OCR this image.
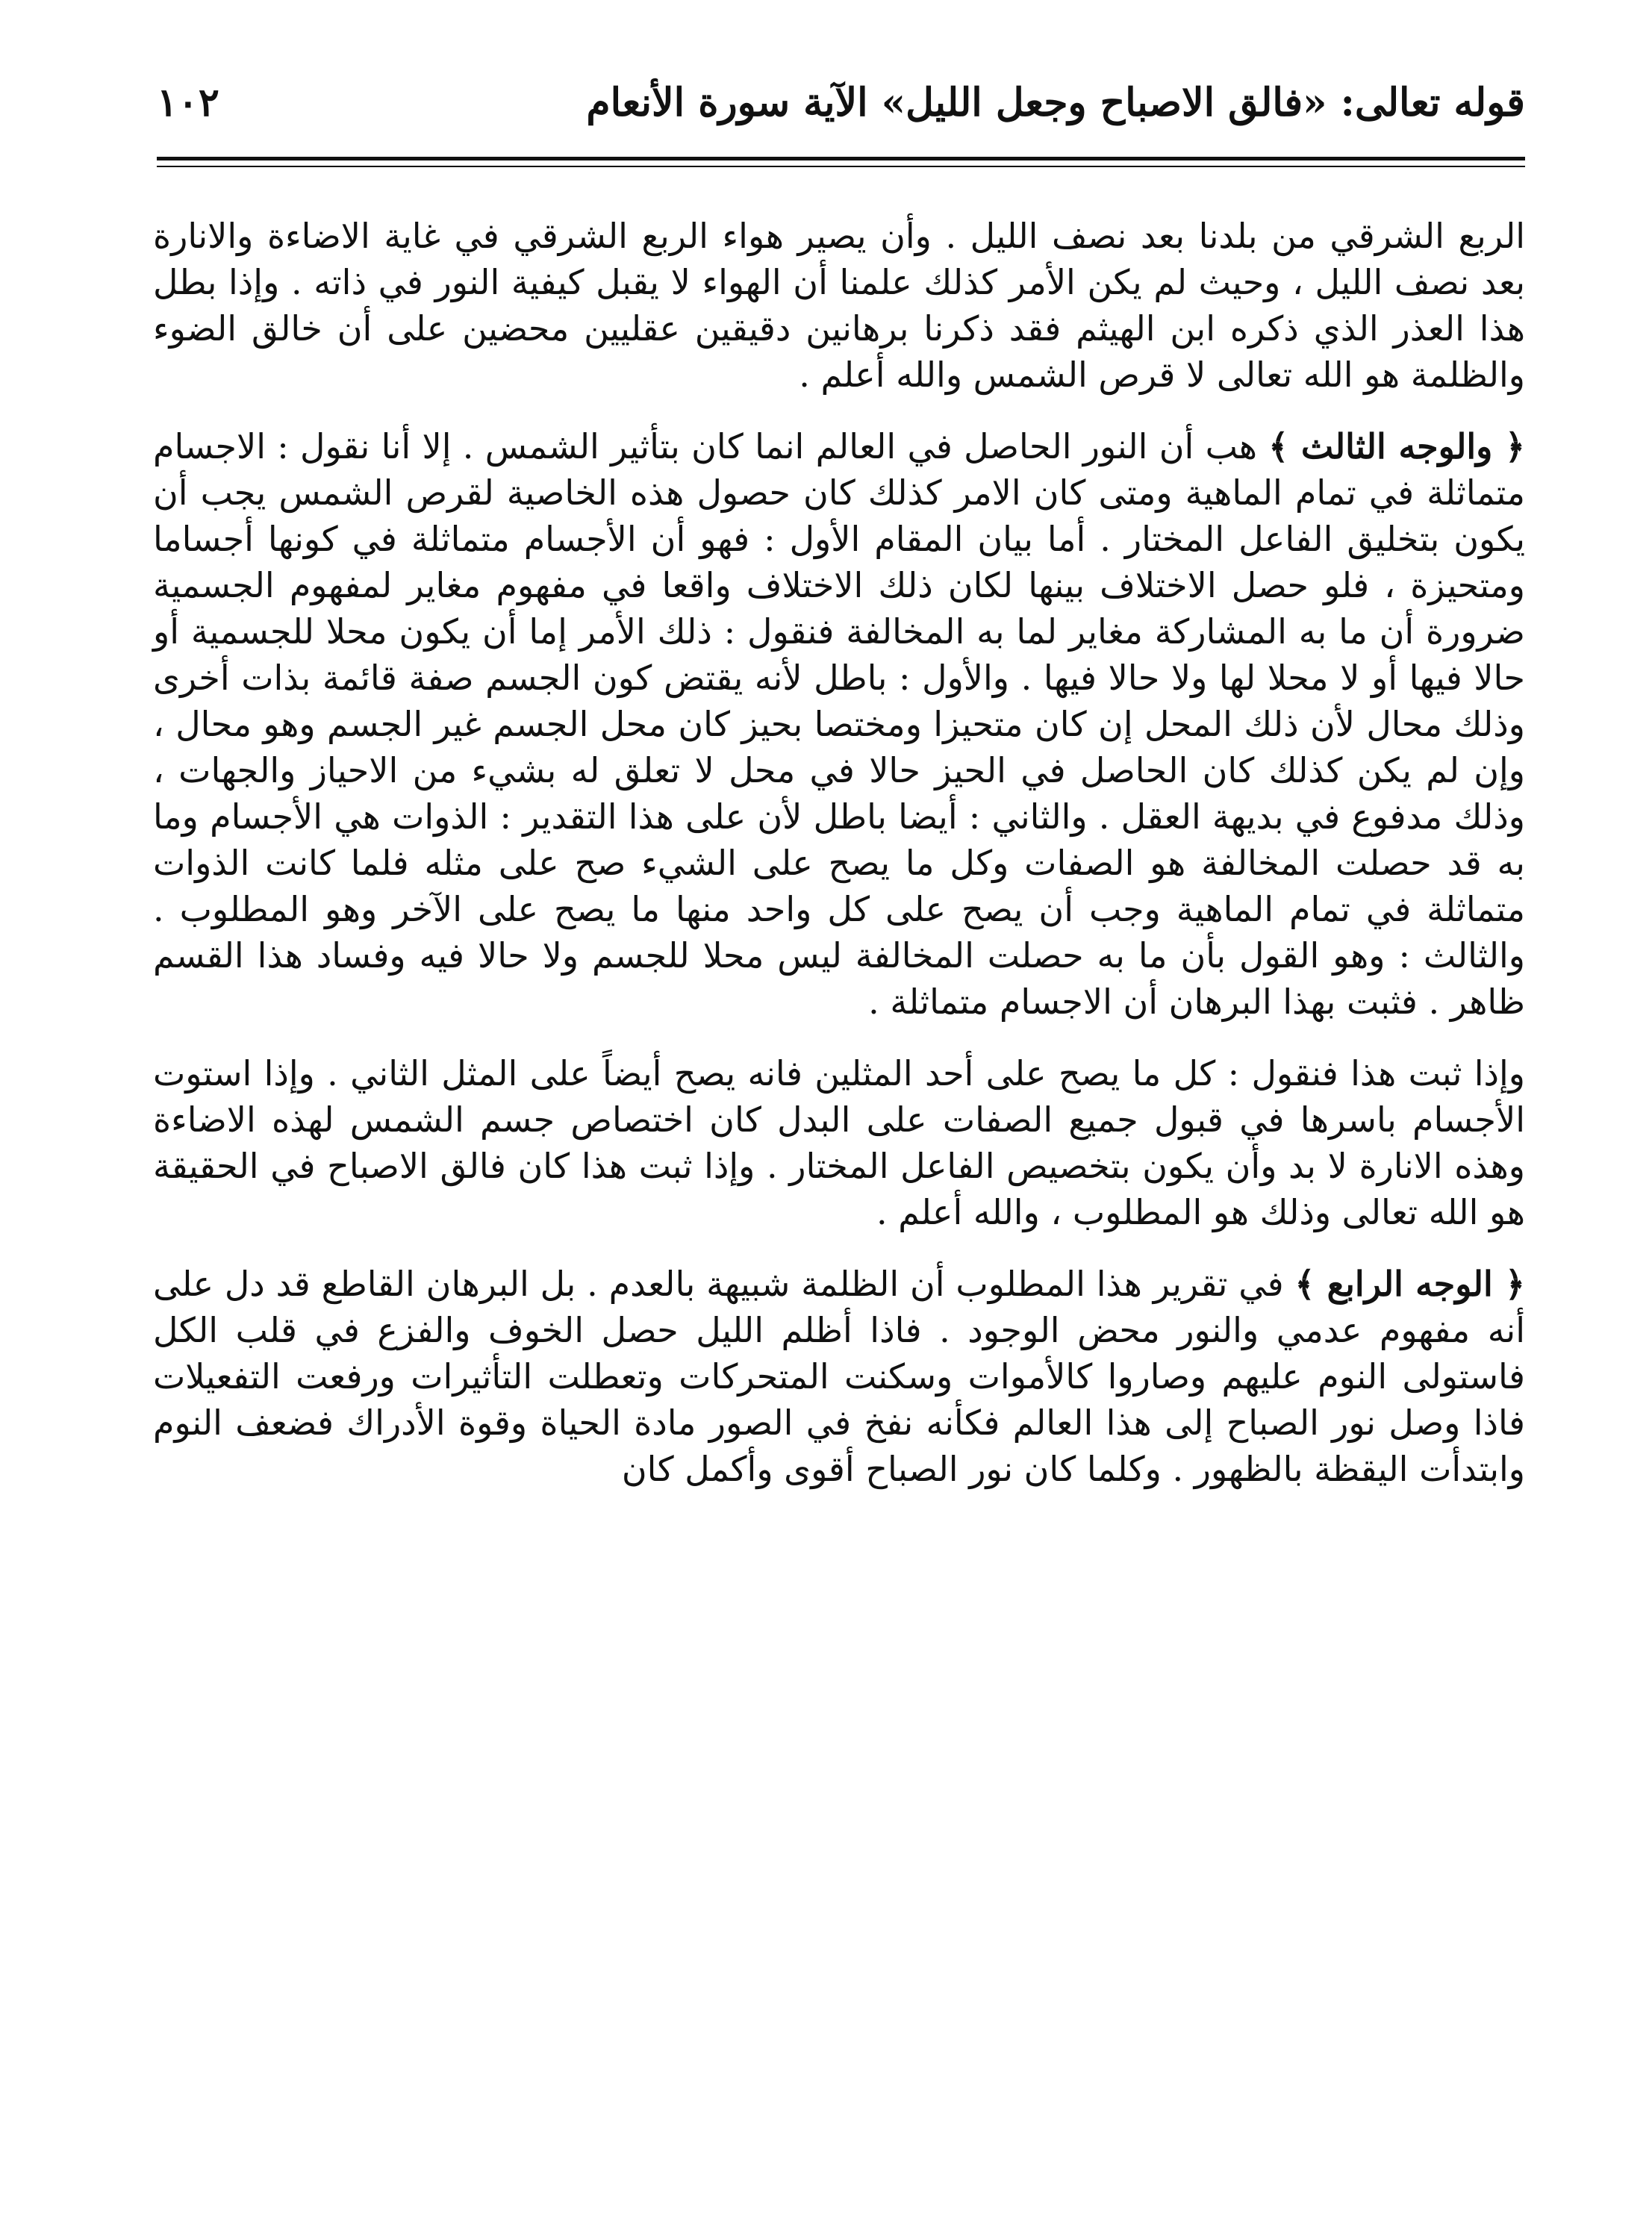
قوله تعالى: «فالق الاصباح وجعل الليل» الآية سورة الأنعام
١٠٢

الربع الشرقي من بلدنا بعد نصف الليل . وأن يصير هواء الربع الشرقي في غاية الاضاءة والانارة بعد نصف الليل ، وحيث لم يكن الأمر كذلك علمنا أن الهواء لا يقبل كيفية النور في ذاته . وإذا بطل هذا العذر الذي ذكره ابن الهيثم فقد ذكرنا برهانين دقيقين عقليين محضين على أن خالق الضوء والظلمة هو الله تعالى لا قرص الشمس والله أعلم .

﴿ والوجه الثالث ﴾ هب أن النور الحاصل في العالم انما كان بتأثير الشمس . إلا أنا نقول : الاجسام متماثلة في تمام الماهية ومتى كان الامر كذلك كان حصول هذه الخاصية لقرص الشمس يجب أن يكون بتخليق الفاعل المختار . أما بيان المقام الأول : فهو أن الأجسام متماثلة في كونها أجساما ومتحيزة ، فلو حصل الاختلاف بينها لكان ذلك الاختلاف واقعا في مفهوم مغاير لمفهوم الجسمية ضرورة أن ما به المشاركة مغاير لما به المخالفة فنقول : ذلك الأمر إما أن يكون محلا للجسمية أو حالا فيها أو لا محلا لها ولا حالا فيها . والأول : باطل لأنه يقتض كون الجسم صفة قائمة بذات أخرى وذلك محال لأن ذلك المحل إن كان متحيزا ومختصا بحيز كان محل الجسم غير الجسم وهو محال ، وإن لم يكن كذلك كان الحاصل في الحيز حالا في محل لا تعلق له بشيء من الاحياز والجهات ، وذلك مدفوع في بديهة العقل . والثاني : أيضا باطل لأن على هذا التقدير : الذوات هي الأجسام وما به قد حصلت المخالفة هو الصفات وكل ما يصح على الشيء صح على مثله فلما كانت الذوات متماثلة في تمام الماهية وجب أن يصح على كل واحد منها ما يصح على الآخر وهو المطلوب . والثالث : وهو القول بأن ما به حصلت المخالفة ليس محلا للجسم ولا حالا فيه وفساد هذا القسم ظاهر . فثبت بهذا البرهان أن الاجسام متماثلة .

وإذا ثبت هذا فنقول : كل ما يصح على أحد المثلين فانه يصح أيضاً على المثل الثاني . وإذا استوت الأجسام باسرها في قبول جميع الصفات على البدل كان اختصاص جسم الشمس لهذه الاضاءة وهذه الانارة لا بد وأن يكون بتخصيص الفاعل المختار . وإذا ثبت هذا كان فالق الاصباح في الحقيقة هو الله تعالى وذلك هو المطلوب ، والله أعلم .

﴿ الوجه الرابع ﴾ في تقرير هذا المطلوب أن الظلمة شبيهة بالعدم . بل البرهان القاطع قد دل على أنه مفهوم عدمي والنور محض الوجود . فاذا أظلم الليل حصل الخوف والفزع في قلب الكل فاستولى النوم عليهم وصاروا كالأموات وسكنت المتحركات وتعطلت التأثيرات ورفعت التفعيلات فاذا وصل نور الصباح إلى هذا العالم فكأنه نفخ في الصور مادة الحياة وقوة الأدراك فضعف النوم وابتدأت اليقظة بالظهور . وكلما كان نور الصباح أقوى وأكمل كان
